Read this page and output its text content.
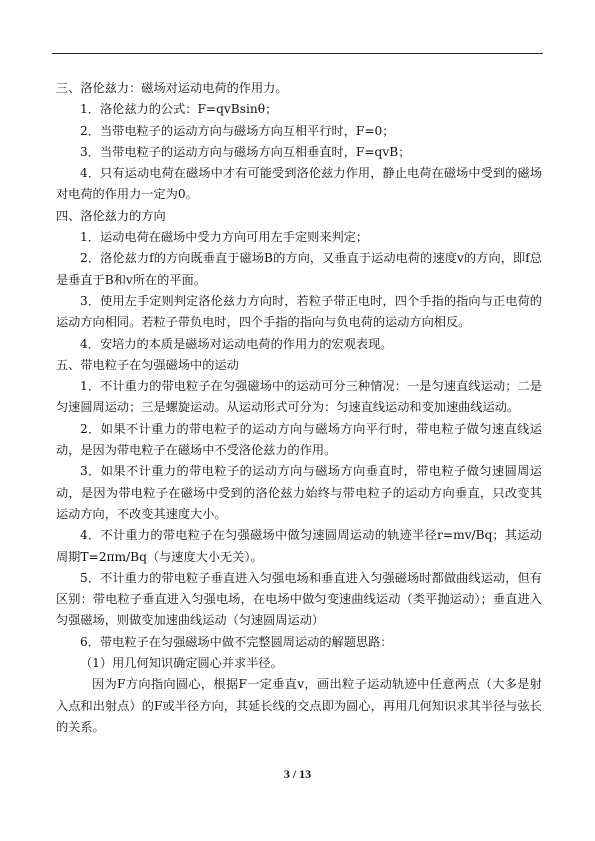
三、洛伦兹力：磁场对运动电荷的作用力。

1．洛伦兹力的公式：F=qvBsinθ；

2．当带电粒子的运动方向与磁场方向互相平行时，F=0；

3．当带电粒子的运动方向与磁场方向互相垂直时，F=qvB；

4．只有运动电荷在磁场中才有可能受到洛伦兹力作用，静止电荷在磁场中受到的磁场对电荷的作用力一定为0。

四、洛伦兹力的方向

1．运动电荷在磁场中受力方向可用左手定则来判定；

2．洛伦兹力f的方向既垂直于磁场B的方向，又垂直于运动电荷的速度v的方向，即f总是垂直于B和v所在的平面。

3．使用左手定则判定洛伦兹力方向时，若粒子带正电时，四个手指的指向与正电荷的运动方向相同。若粒子带负电时，四个手指的指向与负电荷的运动方向相反。

4．安培力的本质是磁场对运动电荷的作用力的宏观表现。

五、带电粒子在匀强磁场中的运动

1．不计重力的带电粒子在匀强磁场中的运动可分三种情况：一是匀速直线运动；二是匀速圆周运动；三是螺旋运动。从运动形式可分为：匀速直线运动和变加速曲线运动。

2．如果不计重力的带电粒子的运动方向与磁场方向平行时，带电粒子做匀速直线运动，是因为带电粒子在磁场中不受洛伦兹力的作用。

3．如果不计重力的带电粒子的运动方向与磁场方向垂直时，带电粒子做匀速圆周运动，是因为带电粒子在磁场中受到的洛伦兹力始终与带电粒子的运动方向垂直，只改变其运动方向，不改变其速度大小。

4．不计重力的带电粒子在匀强磁场中做匀速圆周运动的轨迹半径r=mv/Bq；其运动周期T=2πm/Bq（与速度大小无关）。

5．不计重力的带电粒子垂直进入匀强电场和垂直进入匀强磁场时都做曲线运动，但有区别：带电粒子垂直进入匀强电场，在电场中做匀变速曲线运动（类平抛运动）；垂直进入匀强磁场，则做变加速曲线运动（匀速圆周运动）

6．带电粒子在匀强磁场中做不完整圆周运动的解题思路：

（1）用几何知识确定圆心并求半径。

因为F方向指向圆心，根据F一定垂直v，画出粒子运动轨迹中任意两点（大多是射入点和出射点）的F或半径方向，其延长线的交点即为圆心，再用几何知识求其半径与弦长的关系。

3 / 13
